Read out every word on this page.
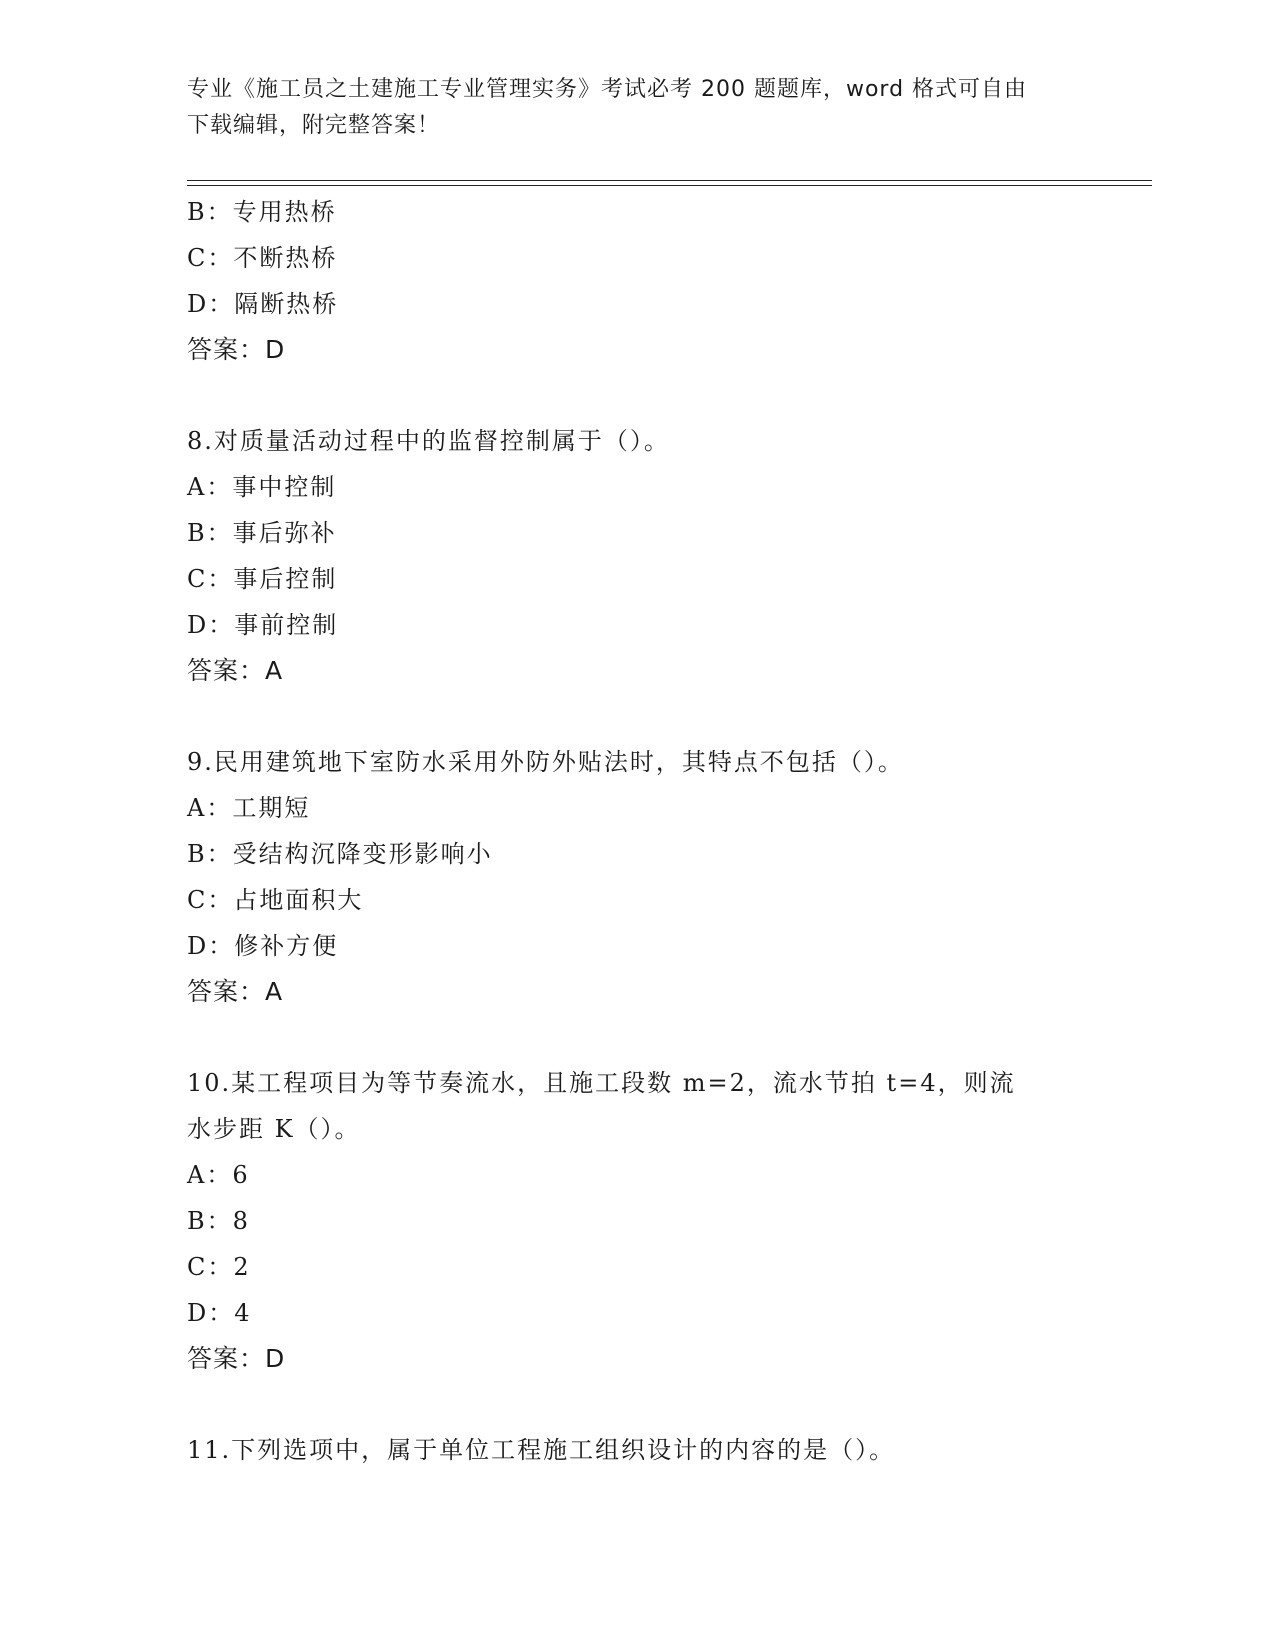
专业《施工员之土建施工专业管理实务》考试必考 200 题题库，word 格式可自由
下载编辑，附完整答案！
B：专用热桥
C：不断热桥
D：隔断热桥
答案：D
8.对质量活动过程中的监督控制属于（）。
A：事中控制
B：事后弥补
C：事后控制
D：事前控制
答案：A
9.民用建筑地下室防水采用外防外贴法时，其特点不包括（）。
A：工期短
B：受结构沉降变形影响小
C：占地面积大
D：修补方便
答案：A
10.某工程项目为等节奏流水，且施工段数 m=2，流水节拍 t=4，则流
水步距 K（）。
A：6
B：8
C：2
D：4
答案：D
11.下列选项中，属于单位工程施工组织设计的内容的是（）。
